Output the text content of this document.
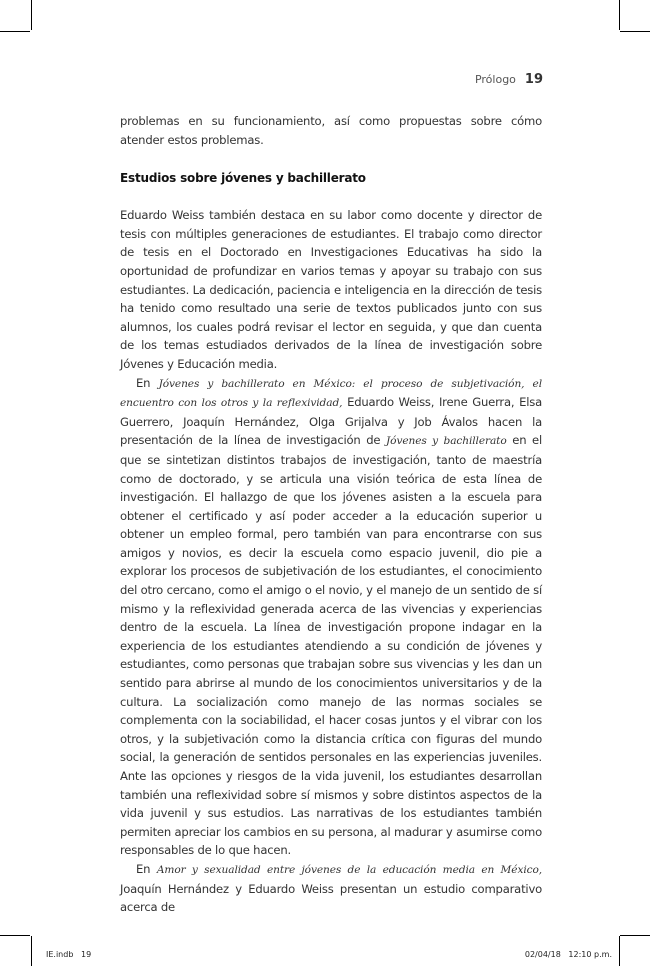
Prólogo 19

problemas en su funcionamiento, así como propuestas sobre cómo atender estos problemas.

Estudios sobre jóvenes y bachillerato

Eduardo Weiss también destaca en su labor como docente y director de tesis con múltiples generaciones de estudiantes. El trabajo como director de tesis en el Doctorado en Investigaciones Educativas ha sido la oportunidad de profundizar en varios temas y apoyar su trabajo con sus estudiantes. La dedicación, paciencia e inteligencia en la dirección de tesis ha tenido como resultado una serie de textos publicados junto con sus alumnos, los cuales podrá revisar el lector en seguida, y que dan cuenta de los temas estudiados derivados de la línea de investigación sobre Jóvenes y Educación media.

En Jóvenes y bachillerato en México: el proceso de subjetivación, el encuentro con los otros y la reflexividad, Eduardo Weiss, Irene Guerra, Elsa Guerrero, Joaquín Hernández, Olga Grijalva y Job Ávalos hacen la presentación de la línea de investigación de Jóvenes y bachillerato en el que se sintetizan distintos trabajos de investigación, tanto de maestría como de doctorado, y se articula una visión teórica de esta línea de investigación. El hallazgo de que los jóvenes asisten a la escuela para obtener el certificado y así poder acceder a la educación superior u obtener un empleo formal, pero también van para encontrarse con sus amigos y novios, es decir la escuela como espacio juvenil, dio pie a explorar los procesos de subjetivación de los estudiantes, el conocimiento del otro cercano, como el amigo o el novio, y el manejo de un sentido de sí mismo y la reflexividad generada acerca de las vivencias y experiencias dentro de la escuela. La línea de investigación propone indagar en la experiencia de los estudiantes atendiendo a su condición de jóvenes y estudiantes, como personas que trabajan sobre sus vivencias y les dan un sentido para abrirse al mundo de los conocimientos universitarios y de la cultura. La socialización como manejo de las normas sociales se complementa con la sociabilidad, el hacer cosas juntos y el vibrar con los otros, y la subjetivación como la distancia crítica con figuras del mundo social, la generación de sentidos personales en las experiencias juveniles. Ante las opciones y riesgos de la vida juvenil, los estudiantes desarrollan también una reflexividad sobre sí mismos y sobre distintos aspectos de la vida juvenil y sus estudios. Las narrativas de los estudiantes también permiten apreciar los cambios en su persona, al madurar y asumirse como responsables de lo que hacen.

En Amor y sexualidad entre jóvenes de la educación media en México, Joaquín Hernández y Eduardo Weiss presentan un estudio comparativo acerca de

IE.indb   19	02/04/18   12:10 p.m.
